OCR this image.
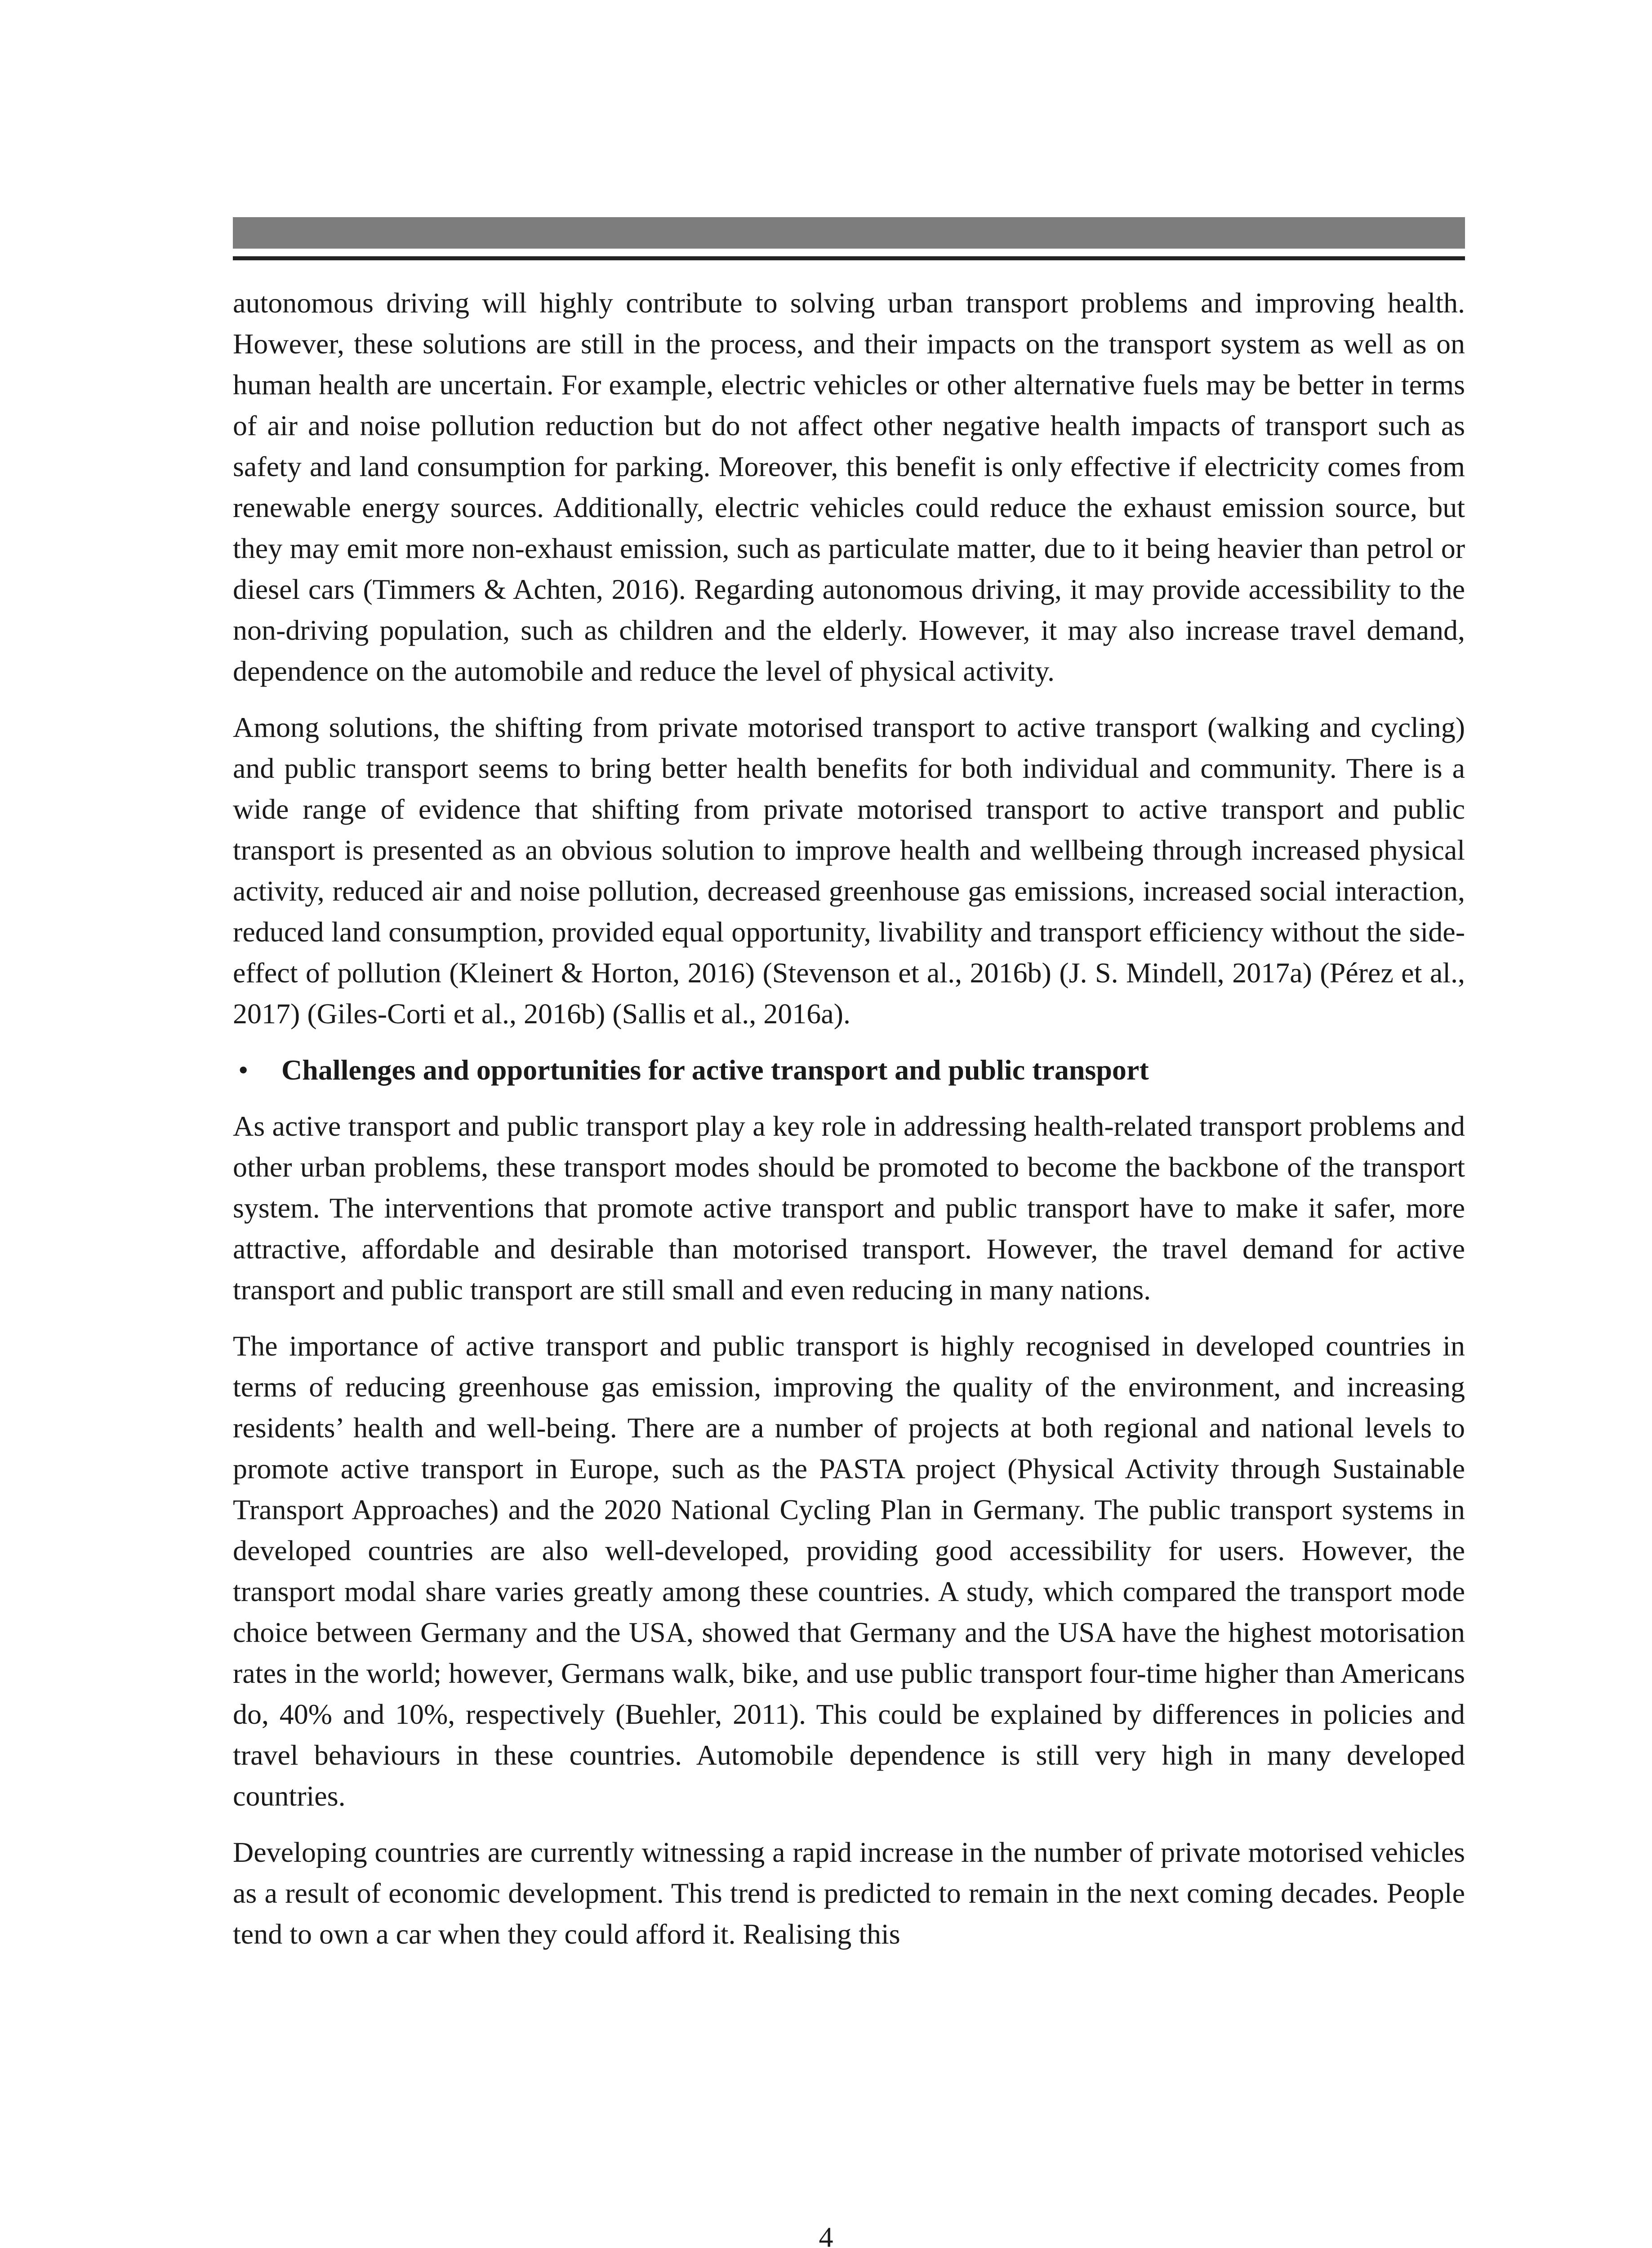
autonomous driving will highly contribute to solving urban transport problems and improving health. However, these solutions are still in the process, and their impacts on the transport system as well as on human health are uncertain. For example, electric vehicles or other alternative fuels may be better in terms of air and noise pollution reduction but do not affect other negative health impacts of transport such as safety and land consumption for parking. Moreover, this benefit is only effective if electricity comes from renewable energy sources. Additionally, electric vehicles could reduce the exhaust emission source, but they may emit more non-exhaust emission, such as particulate matter, due to it being heavier than petrol or diesel cars (Timmers & Achten, 2016). Regarding autonomous driving, it may provide accessibility to the non-driving population, such as children and the elderly. However, it may also increase travel demand, dependence on the automobile and reduce the level of physical activity.

Among solutions, the shifting from private motorised transport to active transport (walking and cycling) and public transport seems to bring better health benefits for both individual and community. There is a wide range of evidence that shifting from private motorised transport to active transport and public transport is presented as an obvious solution to improve health and wellbeing through increased physical activity, reduced air and noise pollution, decreased greenhouse gas emissions, increased social interaction, reduced land consumption, provided equal opportunity, livability and transport efficiency without the side-effect of pollution (Kleinert & Horton, 2016) (Stevenson et al., 2016b) (J. S. Mindell, 2017a) (Pérez et al., 2017) (Giles-Corti et al., 2016b) (Sallis et al., 2016a).

• Challenges and opportunities for active transport and public transport

As active transport and public transport play a key role in addressing health-related transport problems and other urban problems, these transport modes should be promoted to become the backbone of the transport system. The interventions that promote active transport and public transport have to make it safer, more attractive, affordable and desirable than motorised transport. However, the travel demand for active transport and public transport are still small and even reducing in many nations.

The importance of active transport and public transport is highly recognised in developed countries in terms of reducing greenhouse gas emission, improving the quality of the environment, and increasing residents’ health and well-being. There are a number of projects at both regional and national levels to promote active transport in Europe, such as the PASTA project (Physical Activity through Sustainable Transport Approaches) and the 2020 National Cycling Plan in Germany. The public transport systems in developed countries are also well-developed, providing good accessibility for users. However, the transport modal share varies greatly among these countries. A study, which compared the transport mode choice between Germany and the USA, showed that Germany and the USA have the highest motorisation rates in the world; however, Germans walk, bike, and use public transport four-time higher than Americans do, 40% and 10%, respectively (Buehler, 2011). This could be explained by differences in policies and travel behaviours in these countries. Automobile dependence is still very high in many developed countries.

Developing countries are currently witnessing a rapid increase in the number of private motorised vehicles as a result of economic development. This trend is predicted to remain in the next coming decades. People tend to own a car when they could afford it. Realising this

4
